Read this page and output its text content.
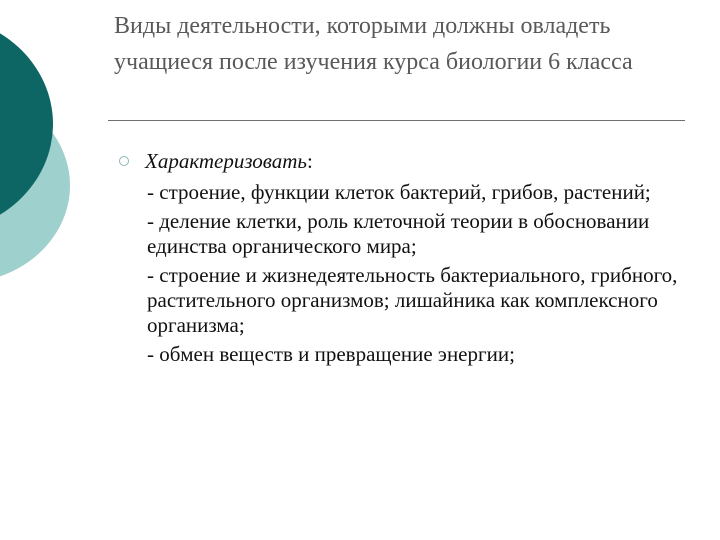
Виды деятельности, которыми должны овладеть учащиеся после изучения курса биологии 6 класса

Характеризовать:

- строение, функции клеток бактерий, грибов, растений;

- деление клетки, роль клеточной теории в обосновании единства органического мира;

- строение и жизнедеятельность бактериального, грибного, растительного организмов; лишайника как комплексного организма;

- обмен веществ и превращение энергии;
